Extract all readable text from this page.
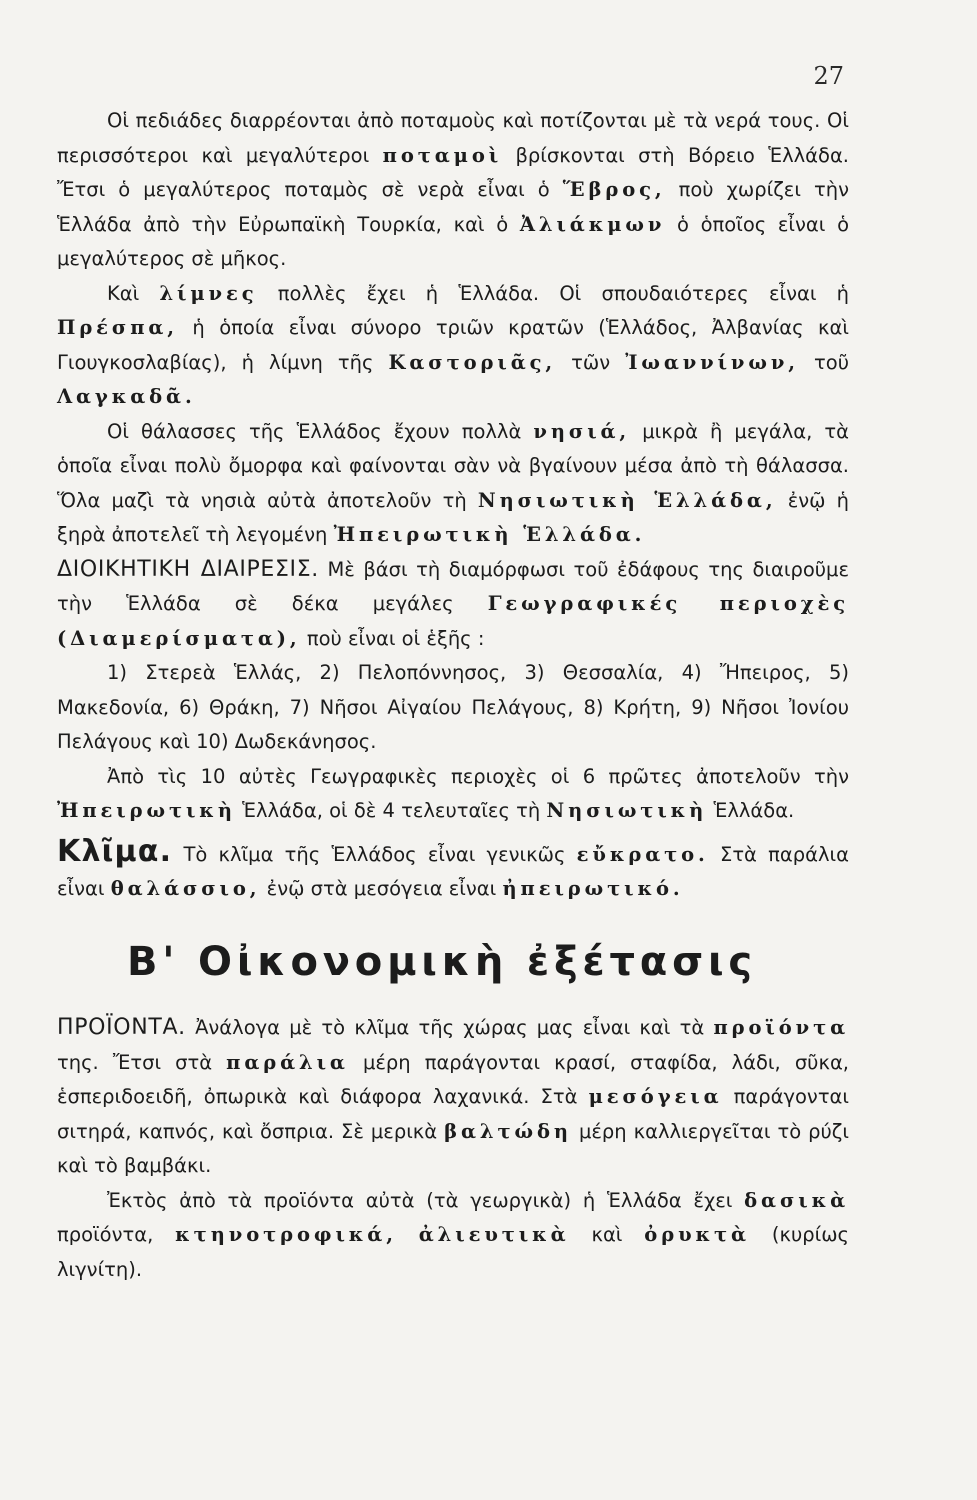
27

Οἱ πεδιάδες διαρρέονται ἀπὸ ποταμοὺς καὶ ποτίζονται μὲ τὰ νερά τους. Οἱ περισσότεροι καὶ μεγαλύτεροι ποταμοὶ βρίσκονται στὴ Βόρειο Ἑλλάδα. Ἔτσι ὁ μεγαλύτερος ποταμὸς σὲ νερὰ εἶναι ὁ Ἕβρος, ποὺ χωρίζει τὴν Ἑλλάδα ἀπὸ τὴν Εὐρωπαϊκὴ Τουρκία, καὶ ὁ Ἀλιάκμων ὁ ὁποῖος εἶναι ὁ μεγαλύτερος σὲ μῆκος.

Καὶ λίμνες πολλὲς ἔχει ἡ Ἑλλάδα. Οἱ σπουδαιότερες εἶναι ἡ Πρέσπα, ἡ ὁποία εἶναι σύνορο τριῶν κρατῶν (Ἑλλάδος, Ἀλβανίας καὶ Γιουγκοσλαβίας), ἡ λίμνη τῆς Καστοριᾶς, τῶν Ἰωαννίνων, τοῦ Λαγκαδᾶ.

Οἱ θάλασσες τῆς Ἑλλάδος ἔχουν πολλὰ νησιά, μικρὰ ἢ μεγάλα, τὰ ὁποῖα εἶναι πολὺ ὄμορφα καὶ φαίνονται σὰν νὰ βγαίνουν μέσα ἀπὸ τὴ θάλασσα. Ὅλα μαζὶ τὰ νησιὰ αὐτὰ ἀποτελοῦν τὴ Νησιωτικὴ Ἑλλάδα, ἐνῷ ἡ ξηρὰ ἀποτελεῖ τὴ λεγομένη Ἠπειρωτικὴ Ἑλλάδα.

ΔΙΟΙΚΗΤΙΚΗ ΔΙΑΙΡΕΣΙΣ. Μὲ βάσι τὴ διαμόρφωσι τοῦ ἐδάφους της διαιροῦμε τὴν Ἑλλάδα σὲ δέκα μεγάλες Γεωγραφικές περιοχὲς (Διαμερίσματα), ποὺ εἶναι οἱ ἑξῆς :

1) Στερεὰ Ἑλλάς, 2) Πελοπόννησος, 3) Θεσσαλία, 4) Ἤπειρος, 5) Μακεδονία, 6) Θράκη, 7) Νῆσοι Αἰγαίου Πελάγους, 8) Κρήτη, 9) Νῆσοι Ἰονίου Πελάγους καὶ 10) Δωδεκάνησος.

Ἀπὸ τὶς 10 αὐτὲς Γεωγραφικὲς περιοχὲς οἱ 6 πρῶτες ἀποτελοῦν τὴν Ἠπειρωτικὴ Ἑλλάδα, οἱ δὲ 4 τελευταῖες τὴ Νησιωτικὴ Ἑλλάδα.

Κλῖμα. Τὸ κλῖμα τῆς Ἑλλάδος εἶναι γενικῶς εὔκρατο. Στὰ παράλια εἶναι θαλάσσιο, ἐνῷ στὰ μεσόγεια εἶναι ἠπειρωτικό.

Β' Οἰκονομικὴ ἐξέτασις

ΠΡΟΪΟΝΤΑ. Ἀνάλογα μὲ τὸ κλῖμα τῆς χώρας μας εἶναι καὶ τὰ προϊόντα της. Ἔτσι στὰ παράλια μέρη παράγονται κρασί, σταφίδα, λάδι, σῦκα, ἑσπεριδοειδῆ, ὀπωρικὰ καὶ διάφορα λαχανικά. Στὰ μεσόγεια παράγονται σιτηρά, καπνός, καὶ ὄσπρια. Σὲ μερικὰ βαλτώδη μέρη καλλιεργεῖται τὸ ρύζι καὶ τὸ βαμβάκι.

Ἐκτὸς ἀπὸ τὰ προϊόντα αὐτὰ (τὰ γεωργικὰ) ἡ Ἑλλάδα ἔχει δασικὰ προϊόντα, κτηνοτροφικά, ἀλιευτικὰ καὶ ὀρυκτὰ (κυρίως λιγνίτη).
